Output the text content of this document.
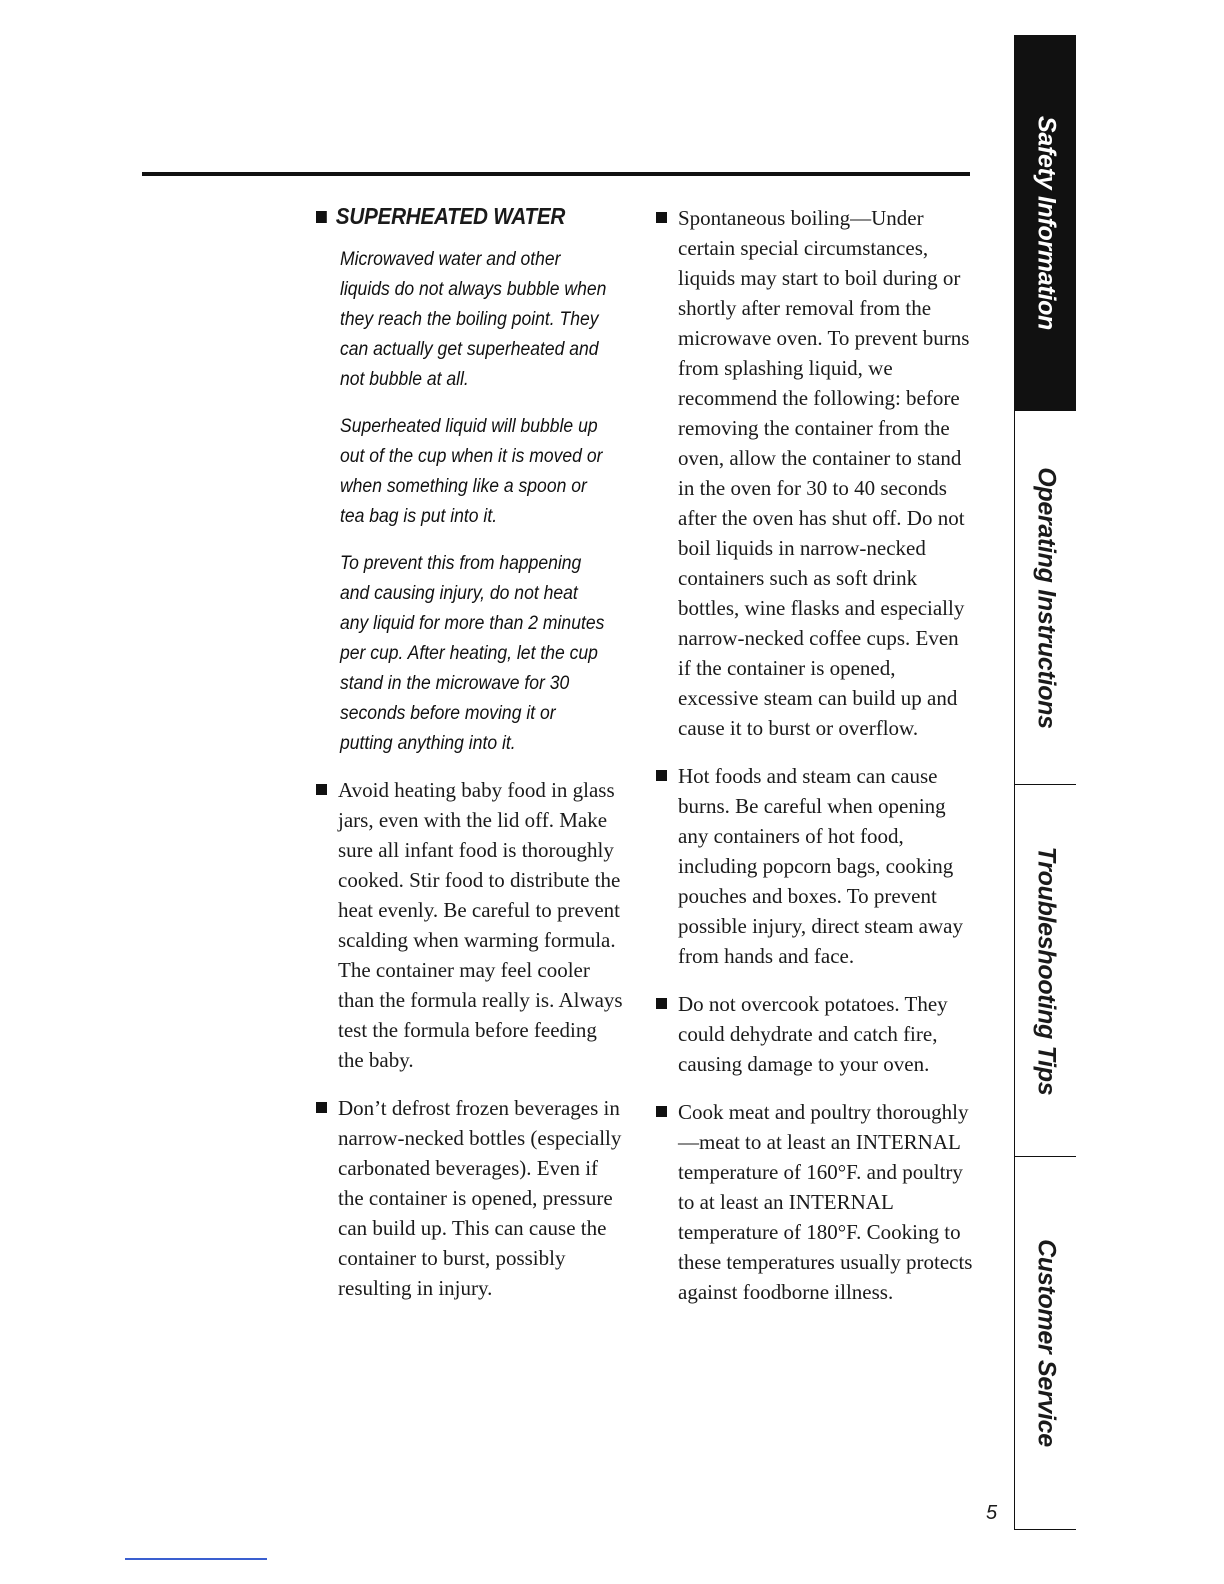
SUPERHEATED WATER

Microwaved water and other liquids do not always bubble when they reach the boiling point. They can actually get superheated and not bubble at all.

Superheated liquid will bubble up out of the cup when it is moved or when something like a spoon or tea bag is put into it.

To prevent this from happening and causing injury, do not heat any liquid for more than 2 minutes per cup. After heating, let the cup stand in the microwave for 30 seconds before moving it or putting anything into it.

Avoid heating baby food in glass jars, even with the lid off. Make sure all infant food is thoroughly cooked. Stir food to distribute the heat evenly. Be careful to prevent scalding when warming formula. The container may feel cooler than the formula really is. Always test the formula before feeding the baby.
Don’t defrost frozen beverages in narrow-necked bottles (especially carbonated beverages). Even if the container is opened, pressure can build up. This can cause the container to burst, possibly resulting in injury.
Spontaneous boiling—Under certain special circumstances, liquids may start to boil during or shortly after removal from the microwave oven. To prevent burns from splashing liquid, we recommend the following: before removing the container from the oven, allow the container to stand in the oven for 30 to 40 seconds after the oven has shut off. Do not boil liquids in narrow-necked containers such as soft drink bottles, wine flasks and especially narrow-necked coffee cups. Even if the container is opened, excessive steam can build up and cause it to burst or overflow.
Hot foods and steam can cause burns. Be careful when opening any containers of hot food, including popcorn bags, cooking pouches and boxes. To prevent possible injury, direct steam away from hands and face.
Do not overcook potatoes. They could dehydrate and catch fire, causing damage to your oven.
Cook meat and poultry thoroughly—meat to at least an INTERNAL temperature of 160°F. and poultry to at least an INTERNAL temperature of 180°F. Cooking to these temperatures usually protects against foodborne illness.
Safety Information
Operating Instructions
Troubleshooting Tips
Customer Service
5
